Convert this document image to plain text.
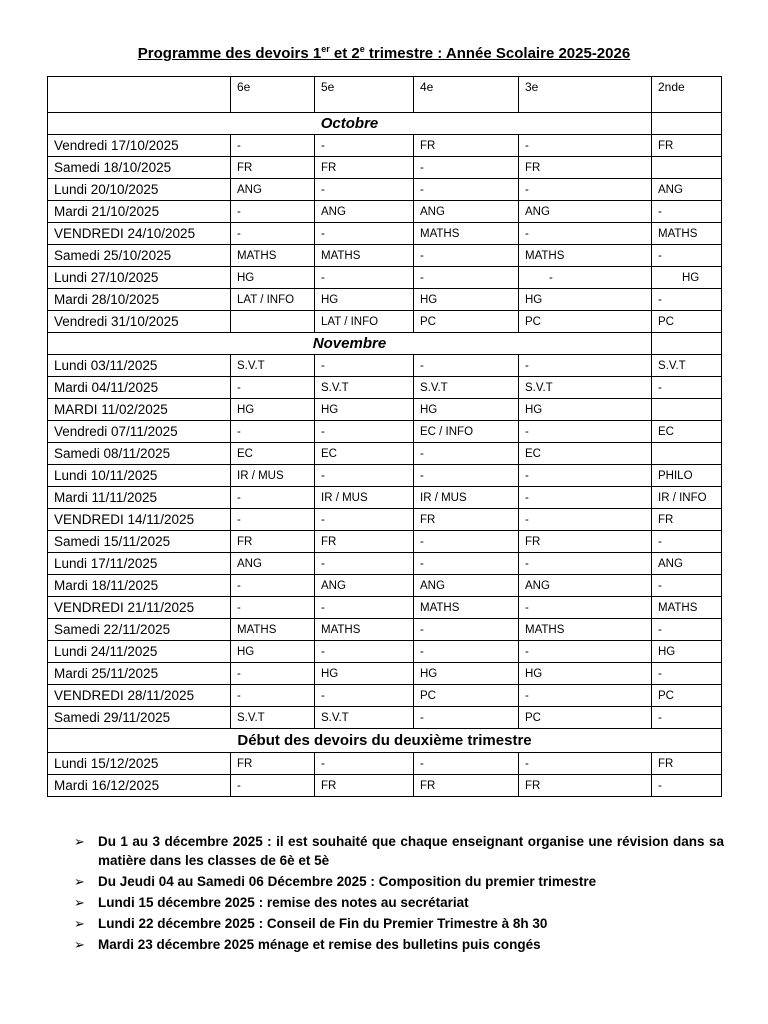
Programme des devoirs 1er et 2e trimestre : Année Scolaire 2025-2026
	6e	5e	4e	3e	2nde
Octobre					
Vendredi 17/10/2025	-	-	FR	-	FR
Samedi 18/10/2025	FR	FR	-	FR	
Lundi 20/10/2025	ANG	-	-	-	ANG
Mardi 21/10/2025	-	ANG	ANG	ANG	-
VENDREDI 24/10/2025	-	-	MATHS	-	MATHS
Samedi 25/10/2025	MATHS	MATHS	-	MATHS	-
Lundi 27/10/2025	HG	-	-	-	HG
Mardi 28/10/2025	LAT / INFO	HG	HG	HG	-
Vendredi 31/10/2025		LAT / INFO	PC	PC	PC
Novembre					
Lundi 03/11/2025	S.V.T	-	-	-	S.V.T
Mardi 04/11/2025	-	S.V.T	S.V.T	S.V.T	-
MARDI 11/02/2025	HG	HG	HG	HG	
Vendredi 07/11/2025	-	-	EC / INFO	-	EC
Samedi 08/11/2025	EC	EC	-	EC	
Lundi 10/11/2025	IR / MUS	-	-	-	PHILO
Mardi 11/11/2025	-	IR / MUS	IR / MUS	-	IR / INFO
VENDREDI 14/11/2025	-	-	FR	-	FR
Samedi 15/11/2025	FR	FR	-	FR	-
Lundi 17/11/2025	ANG	-	-	-	ANG
Mardi 18/11/2025	-	ANG	ANG	ANG	-
VENDREDI 21/11/2025	-	-	MATHS	-	MATHS
Samedi 22/11/2025	MATHS	MATHS	-	MATHS	-
Lundi 24/11/2025	HG	-	-	-	HG
Mardi 25/11/2025	-	HG	HG	HG	-
VENDREDI 28/11/2025	-	-	PC	-	PC
Samedi 29/11/2025	S.V.T	S.V.T	-	PC	-
Début des devoirs du deuxième trimestre					
Lundi 15/12/2025	FR	-	-	-	FR
Mardi 16/12/2025	-	FR	FR	FR	-
➢ Du 1 au 3 décembre 2025 : il est souhaité que chaque enseignant organise une révision dans sa matière dans les classes de 6è et 5è
➢ Du Jeudi 04 au Samedi 06 Décembre 2025 : Composition du premier trimestre
➢ Lundi 15 décembre 2025 : remise des notes au secrétariat
➢ Lundi 22 décembre 2025 : Conseil de Fin du Premier Trimestre à 8h 30
➢ Mardi 23 décembre 2025 ménage et remise des bulletins puis congés
